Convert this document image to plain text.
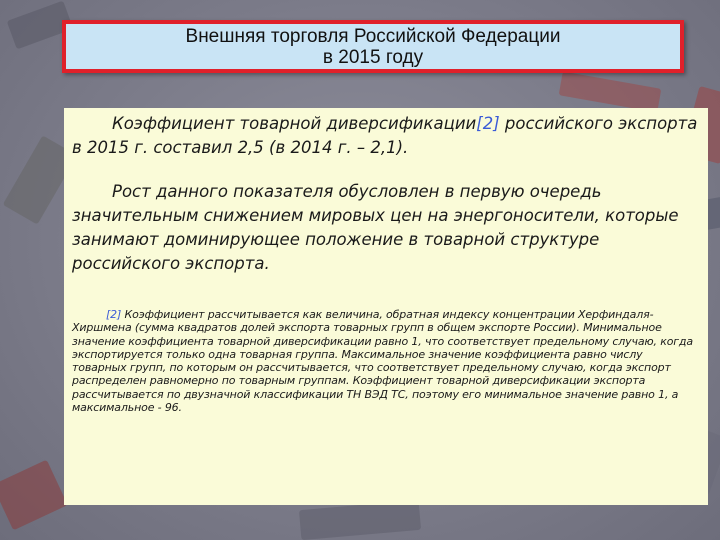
Внешняя торговля Российской Федерации
в 2015 году

Коэффициент товарной диверсификации[2] российского экспорта в 2015 г. составил 2,5 (в 2014 г. – 2,1).

Рост данного показателя обусловлен в первую очередь значительным снижением мировых цен на энергоносители, которые занимают доминирующее положение в товарной структуре российского экспорта.

[2] Коэффициент рассчитывается как величина, обратная индексу концентрации Херфиндаля-Хиршмена (сумма квадратов долей экспорта товарных групп в общем экспорте России). Минимальное значение коэффициента товарной диверсификации равно 1, что соответствует предельному случаю, когда экспортируется только одна товарная группа. Максимальное значение коэффициента равно числу товарных групп, по которым он рассчитывается, что соответствует предельному случаю, когда экспорт распределен равномерно по товарным группам. Коэффициент товарной диверсификации экспорта рассчитывается по двузначной классификации ТН ВЭД ТС, поэтому его минимальное значение равно 1, а максимальное - 96.
